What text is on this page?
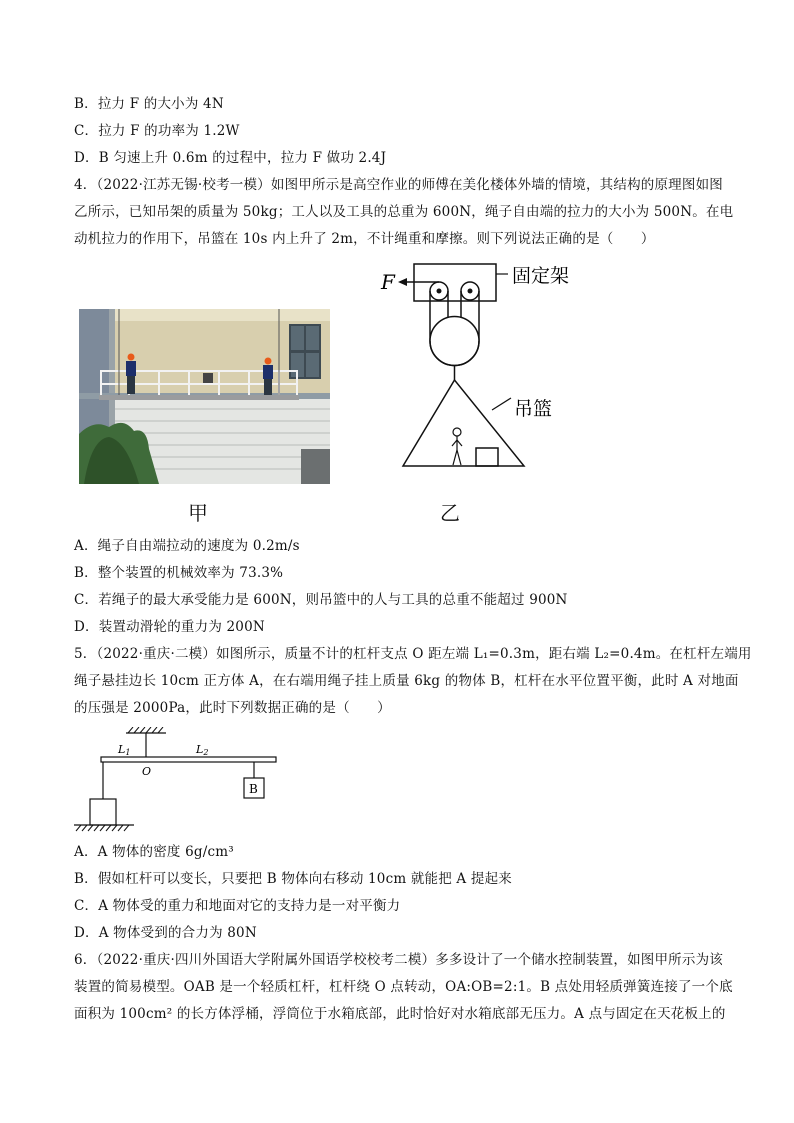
B．拉力 F 的大小为 4N
C．拉力 F 的功率为 1.2W
D．B 匀速上升 0.6m 的过程中，拉力 F 做功 2.4J
4．（2022·江苏无锡·校考一模）如图甲所示是高空作业的师傅在美化楼体外墙的情境，其结构的原理图如图
乙所示，已知吊架的质量为 50kg；工人以及工具的总重为 600N，绳子自由端的拉力的大小为 500N。在电
动机拉力的作用下，吊篮在 10s 内上升了 2m，不计绳重和摩擦。则下列说法正确的是（　　）
甲
F	固定架
吊篮
乙
A．绳子自由端拉动的速度为 0.2m/s
B．整个装置的机械效率为 73.3%
C．若绳子的最大承受能力是 600N，则吊篮中的人与工具的总重不能超过 900N
D．装置动滑轮的重力为 200N
5．（2022·重庆·二模）如图所示，质量不计的杠杆支点 O 距左端 L₁=0.3m，距右端 L₂=0.4m。在杠杆左端用
绳子悬挂边长 10cm 正方体 A，在右端用绳子挂上质量 6kg 的物体 B，杠杆在水平位置平衡，此时 A 对地面
的压强是 2000Pa，此时下列数据正确的是（　　）
L1	L2
O
B
A．A 物体的密度 6g/cm³
B．假如杠杆可以变长，只要把 B 物体向右移动 10cm 就能把 A 提起来
C．A 物体受的重力和地面对它的支持力是一对平衡力
D．A 物体受到的合力为 80N
6．（2022·重庆·四川外国语大学附属外国语学校校考二模）多多设计了一个储水控制装置，如图甲所示为该
装置的简易模型。OAB 是一个轻质杠杆，杠杆绕 O 点转动，OA:OB=2:1。B 点处用轻质弹簧连接了一个底
面积为 100cm² 的长方体浮桶，浮筒位于水箱底部，此时恰好对水箱底部无压力。A 点与固定在天花板上的
